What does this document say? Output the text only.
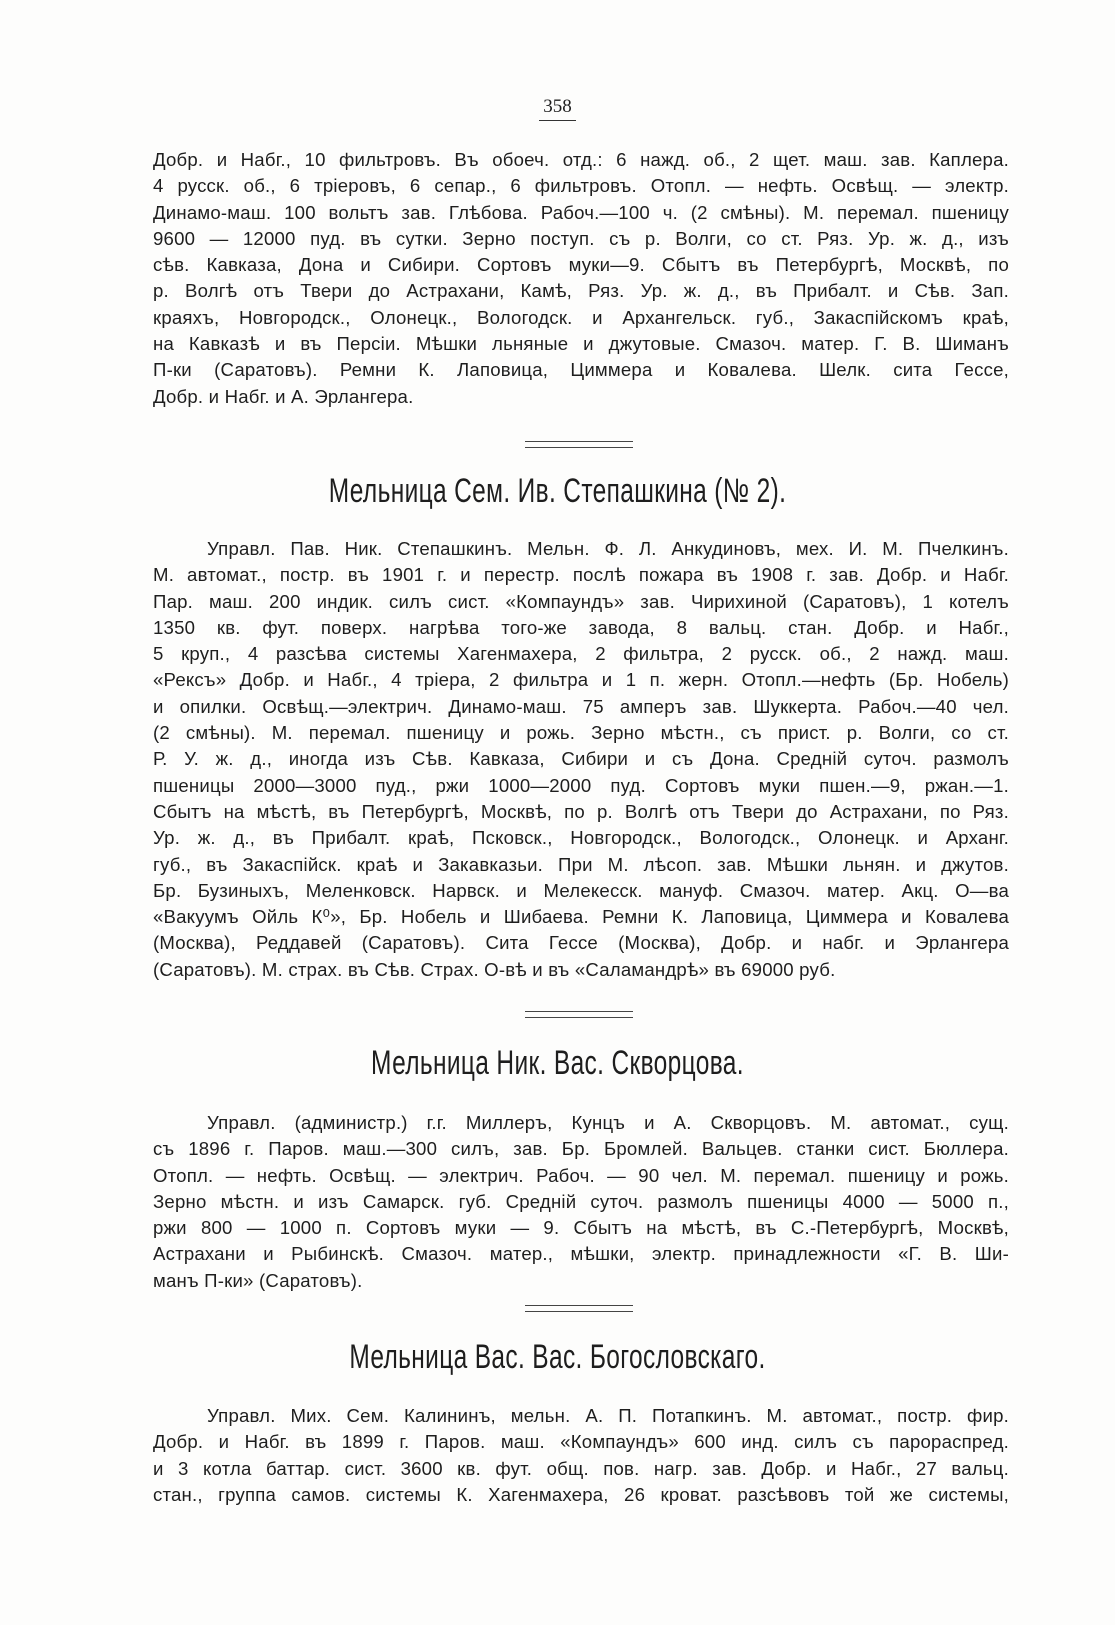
358

Добр. и Набг., 10 фильтровъ. Въ обоеч. отд.: 6 нажд. об., 2 щет. маш. зав. Каплера.

4 русск. об., 6 трiеровъ, 6 сепар., 6 фильтровъ. Отопл. — нефть. Освѣщ. — электр.

Динамо-маш. 100 вольтъ зав. Глѣбова. Рабоч.—100 ч. (2 смѣны). М. перемал. пшеницу

9600 — 12000 пуд. въ сутки. Зерно поступ. съ р. Волги, со ст. Ряз. Ур. ж. д., изъ

сѣв. Кавказа, Дона и Сибири. Сортовъ муки—9. Сбытъ въ Петербургѣ, Москвѣ, по

р. Волгѣ отъ Твери до Астрахани, Камѣ, Ряз. Ур. ж. д., въ Прибалт. и Сѣв. Зап.

краяхъ, Новгородск., Олонецк., Вологодск. и Архангельск. губ., Закаспiйскомъ краѣ,

на Кавказѣ и въ Персiи. Мѣшки льняные и джутовые. Смазоч. матер. Г. В. Шиманъ

П-ки (Саратовъ). Ремни К. Лаповица, Циммера и Ковалева. Шелк. сита Гессе,

Добр. и Набг. и А. Эрлангера.

Мельница Сем. Ив. Степашкина (№ 2).

Управл. Пав. Ник. Степашкинъ. Мельн. Ф. Л. Анкудиновъ, мех. И. М. Пчелкинъ.

М. автомат., постр. въ 1901 г. и перестр. послѣ пожара въ 1908 г. зав. Добр. и Набг.

Пар. маш. 200 индик. силъ сист. «Компаундъ» зав. Чирихиной (Саратовъ), 1 котелъ

1350 кв. фут. поверх. нагрѣва того-же завода, 8 вальц. стан. Добр. и Набг.,

5 круп., 4 разсѣва системы Хагенмахера, 2 фильтра, 2 русск. об., 2 нажд. маш.

«Рексъ» Добр. и Набг., 4 трiера, 2 фильтра и 1 п. жерн. Отопл.—нефть (Бр. Нобель)

и опилки. Освѣщ.—электрич. Динамо-маш. 75 амперъ зав. Шуккерта. Рабоч.—40 чел.

(2 смѣны). М. перемал. пшеницу и рожь. Зерно мѣстн., съ прист. р. Волги, со ст.

Р. У. ж. д., иногда изъ Сѣв. Кавказа, Сибири и съ Дона. Среднiй суточ. размолъ

пшеницы 2000—3000 пуд., ржи 1000—2000 пуд. Сортовъ муки пшен.—9, ржан.—1.

Сбытъ на мѣстѣ, въ Петербургѣ, Москвѣ, по р. Волгѣ отъ Твери до Астрахани, по Ряз.

Ур. ж. д., въ Прибалт. краѣ, Псковск., Новгородск., Вологодск., Олонецк. и Арханг.

губ., въ Закаспiйск. краѣ и Закавказьи. При М. лѣсоп. зав. Мѣшки льнян. и джутов.

Бр. Бузиныхъ, Меленковск. Нарвск. и Мелекесск. мануф. Смазоч. матер. Акц. О—ва

«Вакуумъ Ойль К⁰», Бр. Нобель и Шибаева. Ремни К. Лаповица, Циммера и Ковалева

(Москва), Реддавей (Саратовъ). Сита Гессе (Москва), Добр. и набг. и Эрлангера

(Саратовъ). М. страх. въ Сѣв. Страх. О-вѣ и въ «Саламандрѣ» въ 69000 руб.

Мельница Ник. Вас. Скворцова.

Управл. (администр.) г.г. Миллеръ, Кунцъ и А. Скворцовъ. М. автомат., сущ.

съ 1896 г. Паров. маш.—300 силъ, зав. Бр. Бромлей. Вальцев. станки сист. Бюллера.

Отопл. — нефть. Освѣщ. — электрич. Рабоч. — 90 чел. М. перемал. пшеницу и рожь.

Зерно мѣстн. и изъ Самарск. губ. Среднiй суточ. размолъ пшеницы 4000 — 5000 п.,

ржи 800 — 1000 п. Сортовъ муки — 9. Сбытъ на мѣстѣ, въ С.-Петербургѣ, Москвѣ,

Астрахани и Рыбинскѣ. Смазоч. матер., мѣшки, электр. принадлежности «Г. В. Ши-

манъ П-ки» (Саратовъ).

Мельница Вас. Вас. Богословскаго.

Управл. Мих. Сем. Калининъ, мельн. А. П. Потапкинъ. М. автомат., постр. фир.

Добр. и Набг. въ 1899 г. Паров. маш. «Компаундъ» 600 инд. силъ съ парораспред.

и 3 котла баттар. сист. 3600 кв. фут. общ. пов. нагр. зав. Добр. и Набг., 27 вальц.

стан., группа самов. системы К. Хагенмахера, 26 кроват. разсѣвовъ той же системы,
